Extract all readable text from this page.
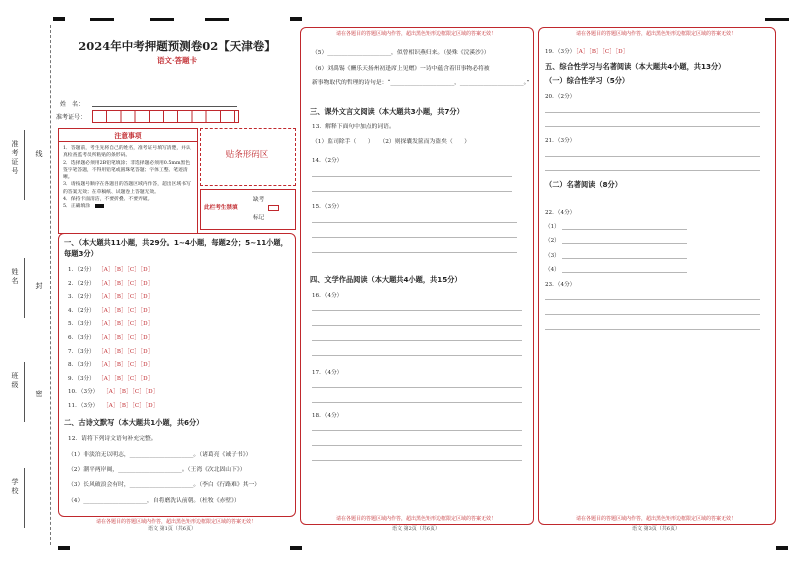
准考证号 线
姓名
封
班级
密
学校
2024年中考押题预测卷02【天津卷】
语文·答题卡
姓　名：
准考证号：
注意事项
1．答题前，考生先将自己的姓名，准考证号填写清楚，并认真检查监考员所粘贴的条形码。
2．选择题必须用2B铅笔填涂；非选择题必须用0.5mm黑色签字笔答题，不得用铅笔或圆珠笔答题；字体工整、笔迹清晰。
3．请按题号顺序在各题目的答题区域内作答，超出区域书写的答案无效；在草稿纸、试题卷上答题无效。
4．保持卡面清洁，不要折叠、不要弄破。
5．正确填涂
贴条形码区
此栏考生禁填
缺考
标记
一、（本大题共11小题，共29分。1~4小题，每题2分；5~11小题，每题3分）
1．（2分） ［A］［B］［C］［D］
2．（2分） ［A］［B］［C］［D］
3．（2分） ［A］［B］［C］［D］
4．（2分） ［A］［B］［C］［D］
5．（3分） ［A］［B］［C］［D］
6．（3分） ［A］［B］［C］［D］
7．（3分） ［A］［B］［C］［D］
8．（3分） ［A］［B］［C］［D］
9．（3分） ［A］［B］［C］［D］
10．（3分） ［A］［B］［C］［D］
11．（3分） ［A］［B］［C］［D］
二、古诗文默写（本大题共1小题，共6分）
12．请将下列诗文语句补充完整。
（1）非淡泊无以明志，______________________。（诸葛亮《诫子书》）
（2）潮平两岸阔，______________________。（王湾《次北固山下》）
（3）长风破浪会有时，______________________。（李白《行路难》其一）
（4）______________________，自将磨洗认前朝。（杜牧《赤壁》）
请在各题目的答题区域内作答，超出黑色矩形边框限定区域的答案无效！
语文 第1页（共6页）
请在各题目的答题区域内作答，超出黑色矩形边框限定区域的答案无效！
（5）______________________，似曾相识燕归来。（晏殊《浣溪沙》）
（6）刘禹锡《酬乐天扬州初逢席上见赠》一诗中蕴含着旧事物必将被
新事物取代的哲理的诗句是：“______________________，______________________。”
三、课外文言文阅读（本大题共3小题，共7分）
13．解释下面句中加点的词语。
（1）监司除手（　　）　　（2）则探囊发篋而为盗矣（　　）
14．（2分）
15．（3分）
四、文学作品阅读（本大题共4小题，共15分）
16．（4分）
17．（4分）
18．（4分）
请在各题目的答题区域内作答，超出黑色矩形边框限定区域的答案无效！
语文 第2页（共6页）
请在各题目的答题区域内作答，超出黑色矩形边框限定区域的答案无效！
19．（3分）
［A］［B］［C］［D］
五、综合性学习与名著阅读（本大题共4小题，共13分）
（一）综合性学习（5分）
20．（2分）
21．（3分）
（二）名著阅读（8分）
22．（4分）
（1）
（2）
（3）
（4）
23．（4分）
请在各题目的答题区域内作答，超出黑色矩形边框限定区域的答案无效！
语文 第3页（共6页）
